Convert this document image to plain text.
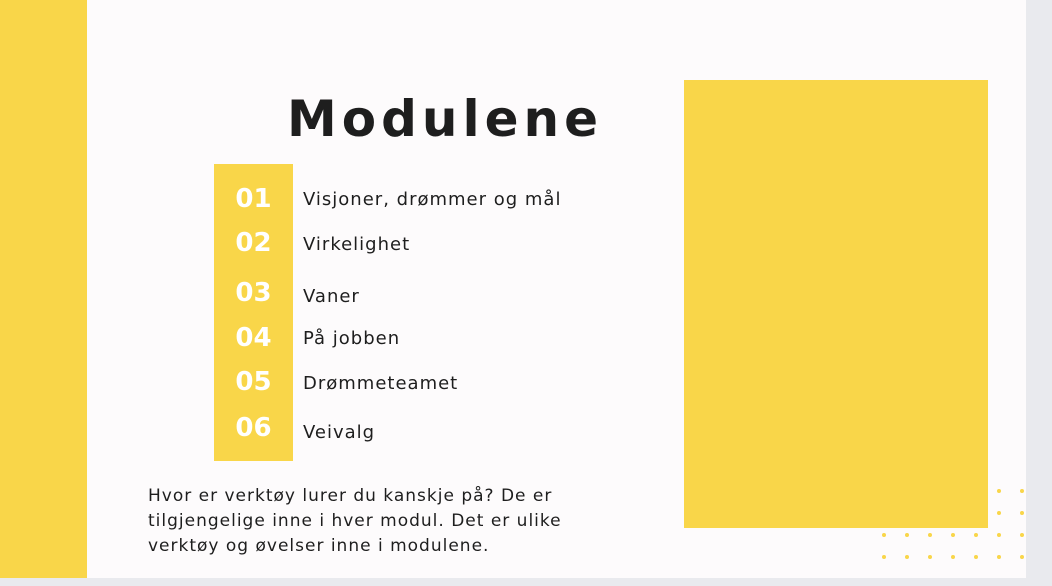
Modulene
01
02
03
04
05
06
Visjoner, drømmer og mål
Virkelighet
Vaner
På jobben
Drømmeteamet
Veivalg

Hvor er verktøy lurer du kanskje på? De er tilgjengelige inne i hver modul. Det er ulike verktøy og øvelser inne i modulene.
